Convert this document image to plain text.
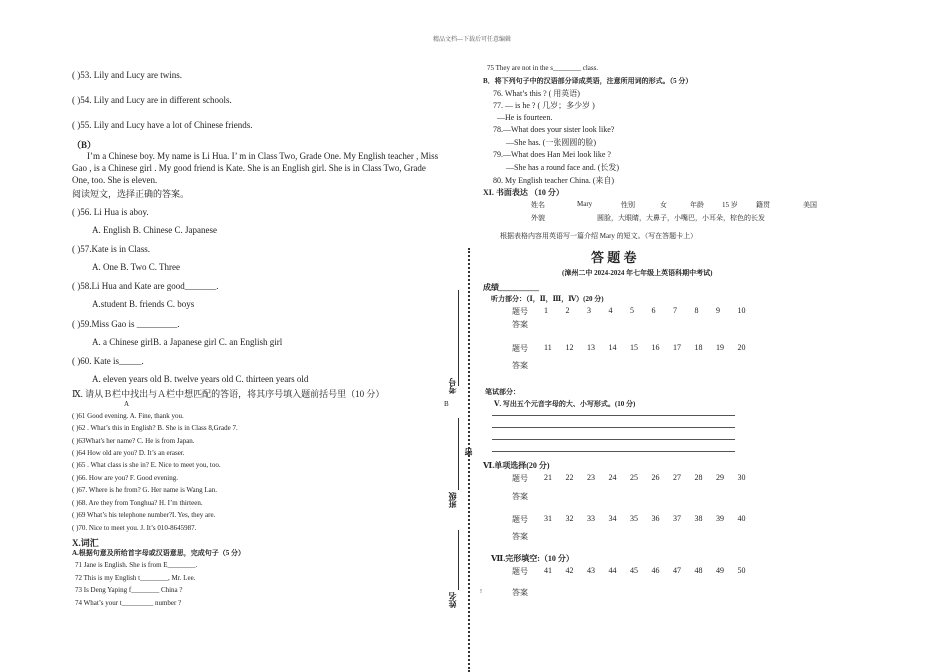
精品文档---下载后可任意编辑
( )53. Lily and Lucy are twins.
( )54. Lily and Lucy are in different schools.
( )55. Lily and Lucy have a lot of Chinese friends.
（B）
I’m a Chinese boy. My name is Li Hua. I’ m in Class Two, Grade One. My English teacher , Miss
Gao , is a Chinese girl . My good friend is Kate. She is an English girl. She is in Class Two, Grade
One, too. She is eleven.
阅读短文，选择正确的答案。
( )56. Li Hua is aboy.
A. English B. Chinese C. Japanese
( )57.Kate is in Class.
A. One B. Two C. Three
( )58.Li Hua and Kate are good_______.
A.student B. friends C. boys
( )59.Miss Gao is _________.
A. a Chinese girlB. a Japanese girl C. an English girl
( )60. Kate is_____.
A. eleven years old B. twelve years old C. thirteen years old
Ⅸ. 请从Ｂ栏中找出与Ａ栏中想匹配的答语，将其序号填入题前括号里（10 分）
A	B
( )61 Good evening. A. Fine, thank you.
( )62 . What’s this in English? B. She is in Class 8,Grade 7.
( )63What's her name? C. He is from Japan.
( )64 How old are you? D. It’s an eraser.
( )65 . What class is she in? E. Nice to meet you, too.
( )66. How are you? F. Good evening.
( )67. Where is he from? G. Her name is Wang Lan.
( )68. Are they from Tonghua? H. I’m thirteen.
( )69 What’s his telephone number?I. Yes, they are.
( )70. Nice to meet you. J. It’s 010-8645987.
X.词汇
A.根据句意及所给首字母或汉语意思，完成句子（5 分）
71 Jane is English. She is from E________.
72 This is my English t________, Mr. Lee.
73 Is Deng Yaping f________ China ?
74 What’s your t_________ number ?
考号
密
班级
姓名
75 They are not in the s________ class.
B．将下列句子中的汉语部分译成英语，注意所用词的形式。（5 分）
76. What’s this ? ( 用英语)
77. — is he ? ( 几岁；多少岁 )
—He is fourteen.
78.—What does your sister look like?
—She has. (一张圆圆的脸)
79.—What does Han Mei look like ?
—She has a round face and. (长发)
80. My English teacher China. (来自)
XI. 书面表达 （10 分）
姓名	Mary	性别	女	年龄	15 岁	籍贯	美国
外貌	圆脸，大眼睛，大鼻子，小嘴巴，小耳朵，棕色的长发
根据表格内容用英语写一篇介绍 Mary 的短文。（写在答题卡上）
答 题 卷
(漳州二中 2024-2024 年七年级上英语科期中考试)
成绩__________
听力部分：（Ⅰ，Ⅱ，Ⅲ，Ⅳ）(20 分)
题号 1 2 3 4 5 6 7 8 9 10
答案
题号 11 12 13 14 15 16 17 18 19 20
答案
笔试部分：
Ⅴ. 写出五个元音字母的大、小写形式。(10 分)
Ⅵ.单项选择(20 分)
题号 21 22 23 24 25 26 27 28 29 30
答案
题号 31 32 33 34 35 36 37 38 39 40
答案
Ⅶ.完形填空:（10 分）
题号 41 42 43 44 45 46 47 48 49 50
!	答案
